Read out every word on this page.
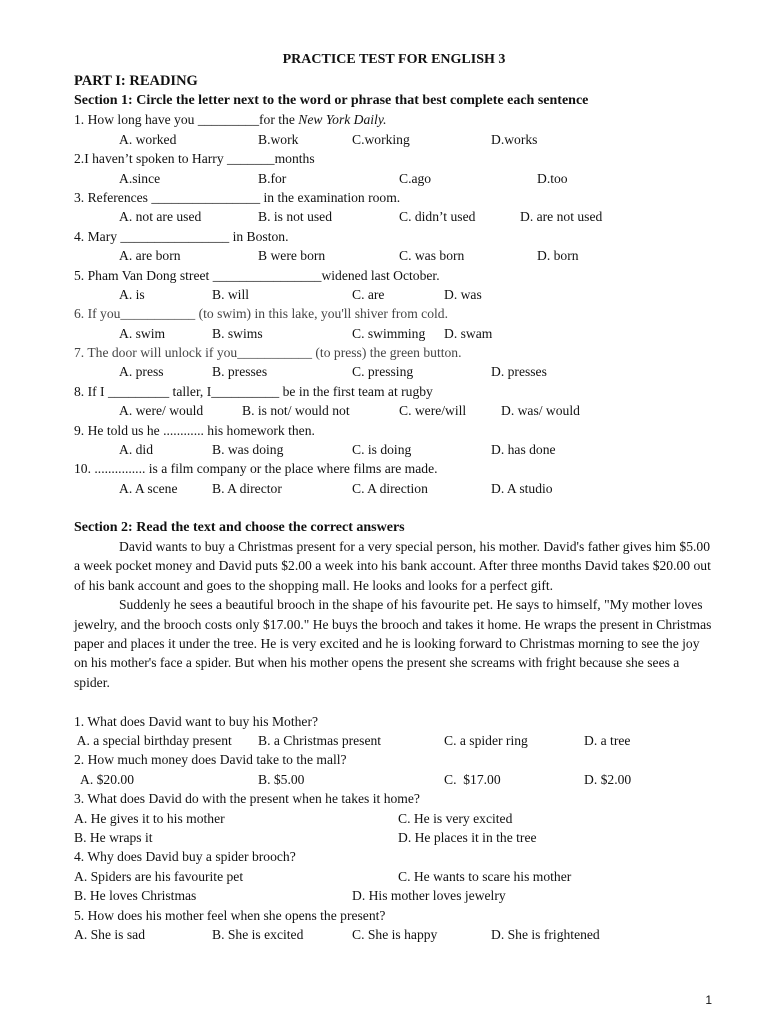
PRACTICE TEST FOR ENGLISH 3
PART I: READING
Section 1: Circle the letter next to the word or phrase that best complete each sentence
1. How long have you _________for the New York Daily.
A. worked	B.work	C.working	D.works
2.I haven’t spoken to Harry _______months
A.since	B.for	C.ago	D.too
3. References ________________ in the examination room.
A. not are used	B. is not used	C. didn’t used	D. are not used
4. Mary ________________ in Boston.
A. are born	B were born	C. was born	D. born
5. Pham Van Dong street ________________widened last October.
A. is	B. will	C. are	D. was
6. If you___________ (to swim) in this lake, you'll shiver from cold.
A. swim	B. swims	C. swimming D. swam
7. The door will unlock if you___________ (to press) the green button.
A. press	B. presses	C. pressing	D. presses
8. If I _________ taller, I__________ be in the first team at rugby
A. were/ would	B. is not/ would not	C. were/will	D. was/ would
9. He told us he ............ his homework then.
A. did	B. was doing	C. is doing	D. has done
10. ............... is a film company or the place where films are made.
A. A scene	B. A director	C. A direction	D. A studio
Section 2: Read the text and choose the correct answers

David wants to buy a Christmas present for a very special person, his mother. David's father gives him $5.00 a week pocket money and David puts $2.00 a week into his bank account. After three months David takes $20.00 out of his bank account and goes to the shopping mall. He looks and looks for a perfect gift.

Suddenly he sees a beautiful brooch in the shape of his favourite pet. He says to himself, "My mother loves jewelry, and the brooch costs only $17.00." He buys the brooch and takes it home. He wraps the present in Christmas paper and places it under the tree. He is very excited and he is looking forward to Christmas morning to see the joy on his mother's face a spider. But when his mother opens the present she screams with fright because she sees a spider.

1. What does David want to buy his Mother?
A. a special birthday present B. a Christmas present	C. a spider ring	D. a tree
2. How much money does David take to the mall?
A. $20.00	B. $5.00	C.  $17.00	D. $2.00
3. What does David do with the present when he takes it home?
A. He gives it to his mother	C. He is very excited
B. He wraps it	D. He places it in the tree
4. Why does David buy a spider brooch?
A. Spiders are his favourite pet	C. He wants to scare his mother
B. He loves Christmas	D. His mother loves jewelry
5. How does his mother feel when she opens the present?
A. She is sad	B. She is excited	C. She is happy	D. She is frightened
1
